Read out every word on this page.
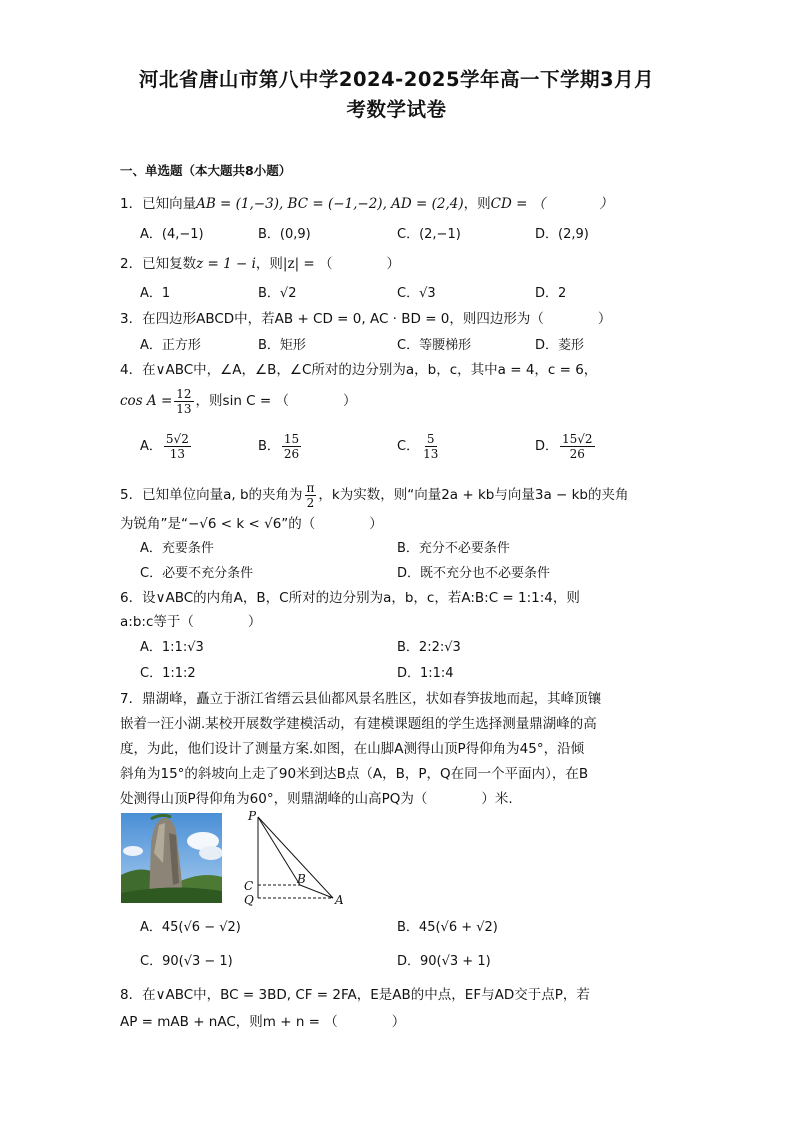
河北省唐山市第八中学2024-2025学年高一下学期3月月
考数学试卷
一、单选题（本大题共8小题）
1．已知向量AB = (1,−3), BC = (−1,−2), AD = (2,4)，则CD = （　　　　）
A．(4,−1)	B．(0,9)	C．(2,−1)	D．(2,9)
2．已知复数z = 1 − i，则|z| = （　　　　）
A．1	B．√2	C．√3	D．2
3．在四边形ABCD中，若AB + CD = 0, AC · BD = 0，则四边形为（　　　　）
A．正方形	B．矩形	C．等腰梯形	D．菱形
4．在∨ABC中，∠A，∠B，∠C所对的边分别为a，b，c，其中a = 4，c = 6，
$\cos A = \frac{12}{13}$ ，则sin C = （　　　　）
A． $\frac{5√2}{13}$	B． $\frac{15}{26}$	C． $\frac{5}{13}$	D． $\frac{15√2}{26}$
5．已知单位向量a, b的夹角为 $\frac{\pi}{2}$ ，k为实数，则“向量2a + kb与向量3a − kb的夹角
为锐角”是“−√6 < k < √6”的（　　　　）
A．充要条件	B．充分不必要条件
C．必要不充分条件	D．既不充分也不必要条件
6．设∨ABC的内角A，B，C所对的边分别为a，b，c，若A:B:C = 1:1:4，则
a:b:c等于（　　　　）
A．1:1:√3	B．2:2:√3
C．1:1:2	D．1:1:4
7．鼎湖峰，矗立于浙江省缙云县仙都风景名胜区，状如春笋拔地而起，其峰顶镶
嵌着一汪小湖.某校开展数学建模活动，有建模课题组的学生选择测量鼎湖峰的高
度，为此，他们设计了测量方案.如图，在山脚A测得山顶P得仰角为45°，沿倾
斜角为15°的斜坡向上走了90米到达B点（A，B，P，Q在同一个平面内），在B
处测得山顶P得仰角为60°，则鼎湖峰的山高PQ为（　　　　）米.
P
C
Q
B
A
A．45(√6 − √2)	B．45(√6 + √2)
C．90(√3 − 1)	D．90(√3 + 1)
8．在∨ABC中，BC = 3BD, CF = 2FA，E是AB的中点，EF与AD交于点P，若
AP = mAB + nAC，则m + n = （　　　　）
